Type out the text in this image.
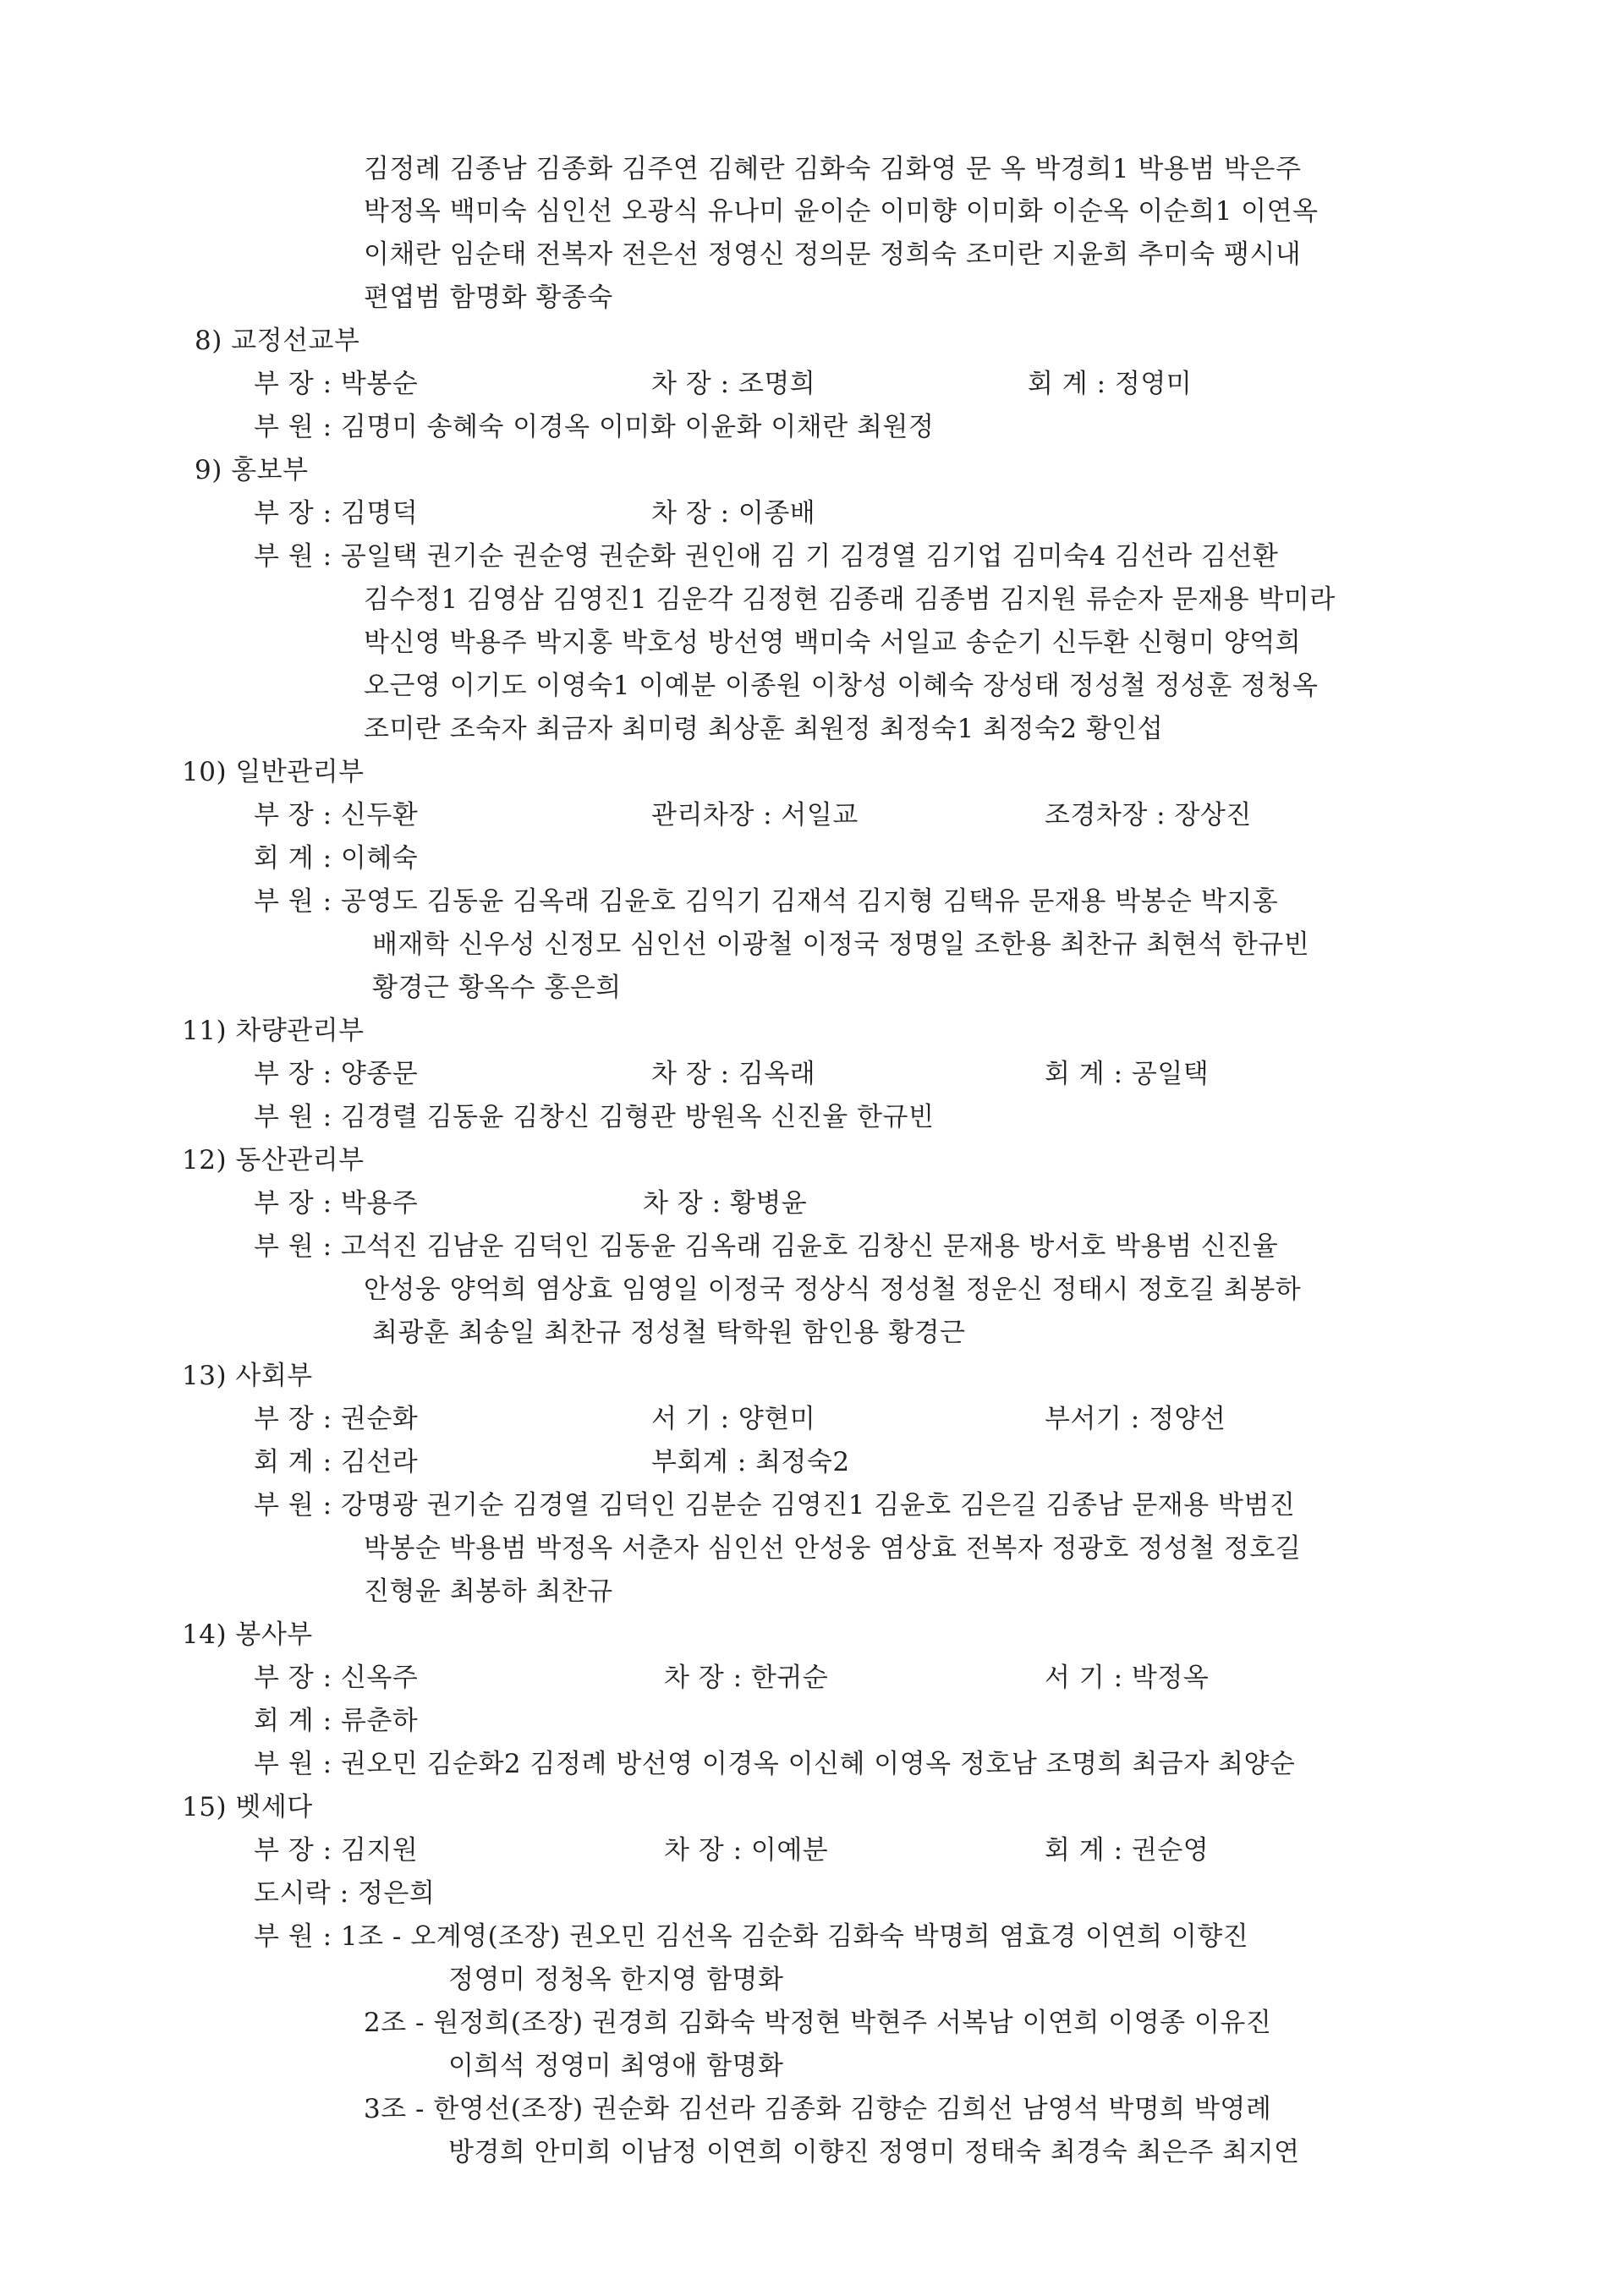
김정례 김종남 김종화 김주연 김혜란 김화숙 김화영 문 옥 박경희1 박용범 박은주
박정옥 백미숙 심인선 오광식 유나미 윤이순 이미향 이미화 이순옥 이순희1 이연옥
이채란 임순태 전복자 전은선 정영신 정의문 정희숙 조미란 지윤희 추미숙 팽시내
편엽범 함명화 황종숙
8) 교정선교부
부 장 : 박봉순	차 장 : 조명희	회 계 : 정영미
부 원 : 김명미 송혜숙 이경옥 이미화 이윤화 이채란 최원정
9) 홍보부
부 장 : 김명덕	차 장 : 이종배
부 원 : 공일택 권기순 권순영 권순화 권인애 김 기 김경열 김기업 김미숙4 김선라 김선환
김수정1 김영삼 김영진1 김운각 김정현 김종래 김종범 김지원 류순자 문재용 박미라
박신영 박용주 박지홍 박호성 방선영 백미숙 서일교 송순기 신두환 신형미 양억희
오근영 이기도 이영숙1 이예분 이종원 이창성 이혜숙 장성태 정성철 정성훈 정청옥
조미란 조숙자 최금자 최미령 최상훈 최원정 최정숙1 최정숙2 황인섭
10) 일반관리부
부 장 : 신두환	관리차장 : 서일교	조경차장 : 장상진
회 계 : 이혜숙
부 원 : 공영도 김동윤 김옥래 김윤호 김익기 김재석 김지형 김택유 문재용 박봉순 박지홍
배재학 신우성 신정모 심인선 이광철 이정국 정명일 조한용 최찬규 최현석 한규빈
황경근 황옥수 홍은희
11) 차량관리부
부 장 : 양종문	차 장 : 김옥래	회 계 : 공일택
부 원 : 김경렬 김동윤 김창신 김형관 방원옥 신진율 한규빈
12) 동산관리부
부 장 : 박용주	차 장 : 황병윤
부 원 : 고석진 김남운 김덕인 김동윤 김옥래 김윤호 김창신 문재용 방서호 박용범 신진율
안성웅 양억희 염상효 임영일 이정국 정상식 정성철 정운신 정태시 정호길 최봉하
최광훈 최송일 최찬규 정성철 탁학원 함인용 황경근
13) 사회부
부 장 : 권순화	서 기 : 양현미	부서기 : 정양선
회 계 : 김선라	부회계 : 최정숙2
부 원 : 강명광 권기순 김경열 김덕인 김분순 김영진1 김윤호 김은길 김종남 문재용 박범진
박봉순 박용범 박정옥 서춘자 심인선 안성웅 염상효 전복자 정광호 정성철 정호길
진형윤 최봉하 최찬규
14) 봉사부
부 장 : 신옥주	차 장 : 한귀순	서 기 : 박정옥
회 계 : 류춘하
부 원 : 권오민 김순화2 김정례 방선영 이경옥 이신혜 이영옥 정호남 조명희 최금자 최양순
15) 벳세다
부 장 : 김지원	차 장 : 이예분	회 계 : 권순영
도시락 : 정은희
부 원 : 1조 - 오계영(조장) 권오민 김선옥 김순화 김화숙 박명희 염효경 이연희 이향진
정영미 정청옥 한지영 함명화
2조 - 원정희(조장) 권경희 김화숙 박정현 박현주 서복남 이연희 이영종 이유진
이희석 정영미 최영애 함명화
3조 - 한영선(조장) 권순화 김선라 김종화 김향순 김희선 남영석 박명희 박영례
방경희 안미희 이남정 이연희 이향진 정영미 정태숙 최경숙 최은주 최지연
